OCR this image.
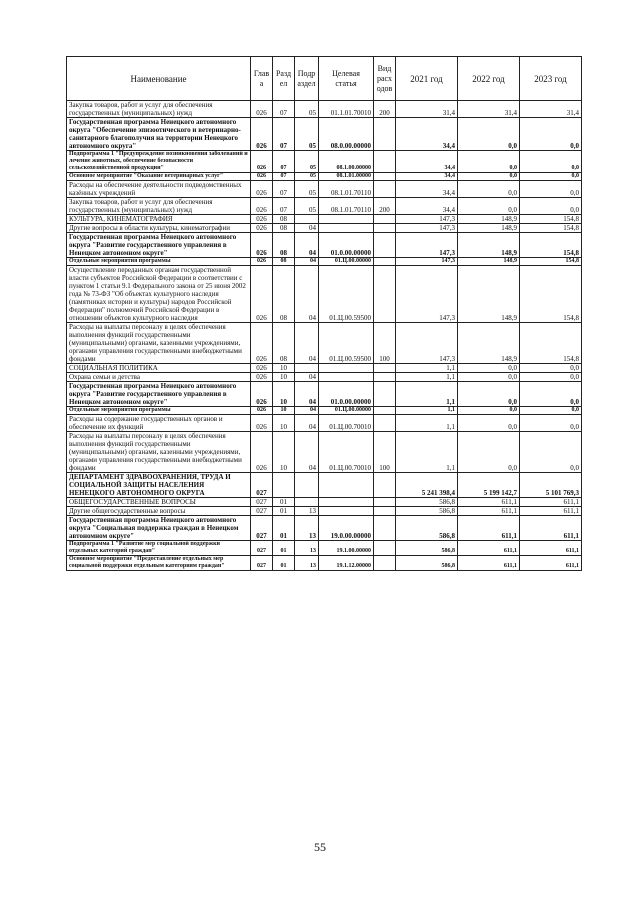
Наименование	Глав а	Разд ел	Подр аздел	Целевая статья	Вид расх одов	2021 год	2022 год	2023 год
Закупка товаров, работ и услуг для обеспечения государственных (муниципальных) нужд	026	07	05	01.1.01.70010	200	31,4	31,4	31,4
Государственная программа Ненецкого автономного округа "Обеспечение эпизоотического и ветеринарно-санитарного благополучия на территории Ненецкого автономного округа"	026	07	05	08.0.00.00000		34,4	0,0	0,0
Подпрограмма 1 "Предупреждение возникновения заболеваний и лечение животных, обеспечение безопасности сельскохозяйственной продукции"	026	07	05	08.1.00.00000		34,4	0,0	0,0
Основное мероприятие "Оказание ветеринарных услуг"	026	07	05	08.1.01.00000		34,4	0,0	0,0
Расходы на обеспечение деятельности подведомственных казённых учреждений	026	07	05	08.1.01.70110		34,4	0,0	0,0
Закупка товаров, работ и услуг для обеспечения государственных (муниципальных) нужд	026	07	05	08.1.01.70110	200	34,4	0,0	0,0
КУЛЬТУРА, КИНЕМАТОГРАФИЯ	026	08				147,3	148,9	154,8
Другие вопросы в области культуры, кинематографии	026	08	04			147,3	148,9	154,8
Государственная программа Ненецкого автономного округа "Развитие государственного управления в Ненецком автономном округе"	026	08	04	01.0.00.00000		147,3	148,9	154,8
Отдельные мероприятия программы	026	08	04	01.Ц.00.00000		147,3	148,9	154,8
Осуществление переданных органам государственной власти субъектов Российской Федерации в соответствии с пунктом 1 статьи 9.1 Федерального закона от 25 июня 2002 года № 73-ФЗ "Об объектах культурного наследия (памятниках истории и культуры) народов Российской Федерации" полномочий Российской Федерации в отношении объектов культурного наследия	026	08	04	01.Ц.00.59500		147,3	148,9	154,8
Расходы на выплаты персоналу в целях обеспечения выполнения функций государственными (муниципальными) органами, казенными учреждениями, органами управления государственными внебюджетными фондами	026	08	04	01.Ц.00.59500	100	147,3	148,9	154,8
СОЦИАЛЬНАЯ ПОЛИТИКА	026	10				1,1	0,0	0,0
Охрана семьи и детства	026	10	04			1,1	0,0	0,0
Государственная программа Ненецкого автономного округа "Развитие государственного управления в Ненецком автономном округе"	026	10	04	01.0.00.00000		1,1	0,0	0,0
Отдельные мероприятия программы	026	10	04	01.Ц.00.00000		1,1	0,0	0,0
Расходы на содержание государственных органов и обеспечение их функций	026	10	04	01.Ц.00.70010		1,1	0,0	0,0
Расходы на выплаты персоналу в целях обеспечения выполнения функций государственными (муниципальными) органами, казенными учреждениями, органами управления государственными внебюджетными фондами	026	10	04	01.Ц.00.70010	100	1,1	0,0	0,0
ДЕПАРТАМЕНТ ЗДРАВООХРАНЕНИЯ, ТРУДА И СОЦИАЛЬНОЙ ЗАЩИТЫ НАСЕЛЕНИЯ НЕНЕЦКОГО АВТОНОМНОГО ОКРУГА	027					5 241 398,4	5 199 142,7	5 101 769,3
ОБЩЕГОСУДАРСТВЕННЫЕ ВОПРОСЫ	027	01				586,8	611,1	611,1
Другие общегосударственные вопросы	027	01	13			586,8	611,1	611,1
Государственная программа Ненецкого автономного округа "Социальная поддержка граждан в Ненецком автономном округе"	027	01	13	19.0.00.00000		586,8	611,1	611,1
Подпрограмма 1 "Развитие мер социальной поддержки отдельных категорий граждан"	027	01	13	19.1.00.00000		586,8	611,1	611,1
Основное мероприятие "Предоставление отдельных мер социальной поддержки отдельным категориям граждан"	027	01	13	19.1.12.00000		586,8	611,1	611,1
55
